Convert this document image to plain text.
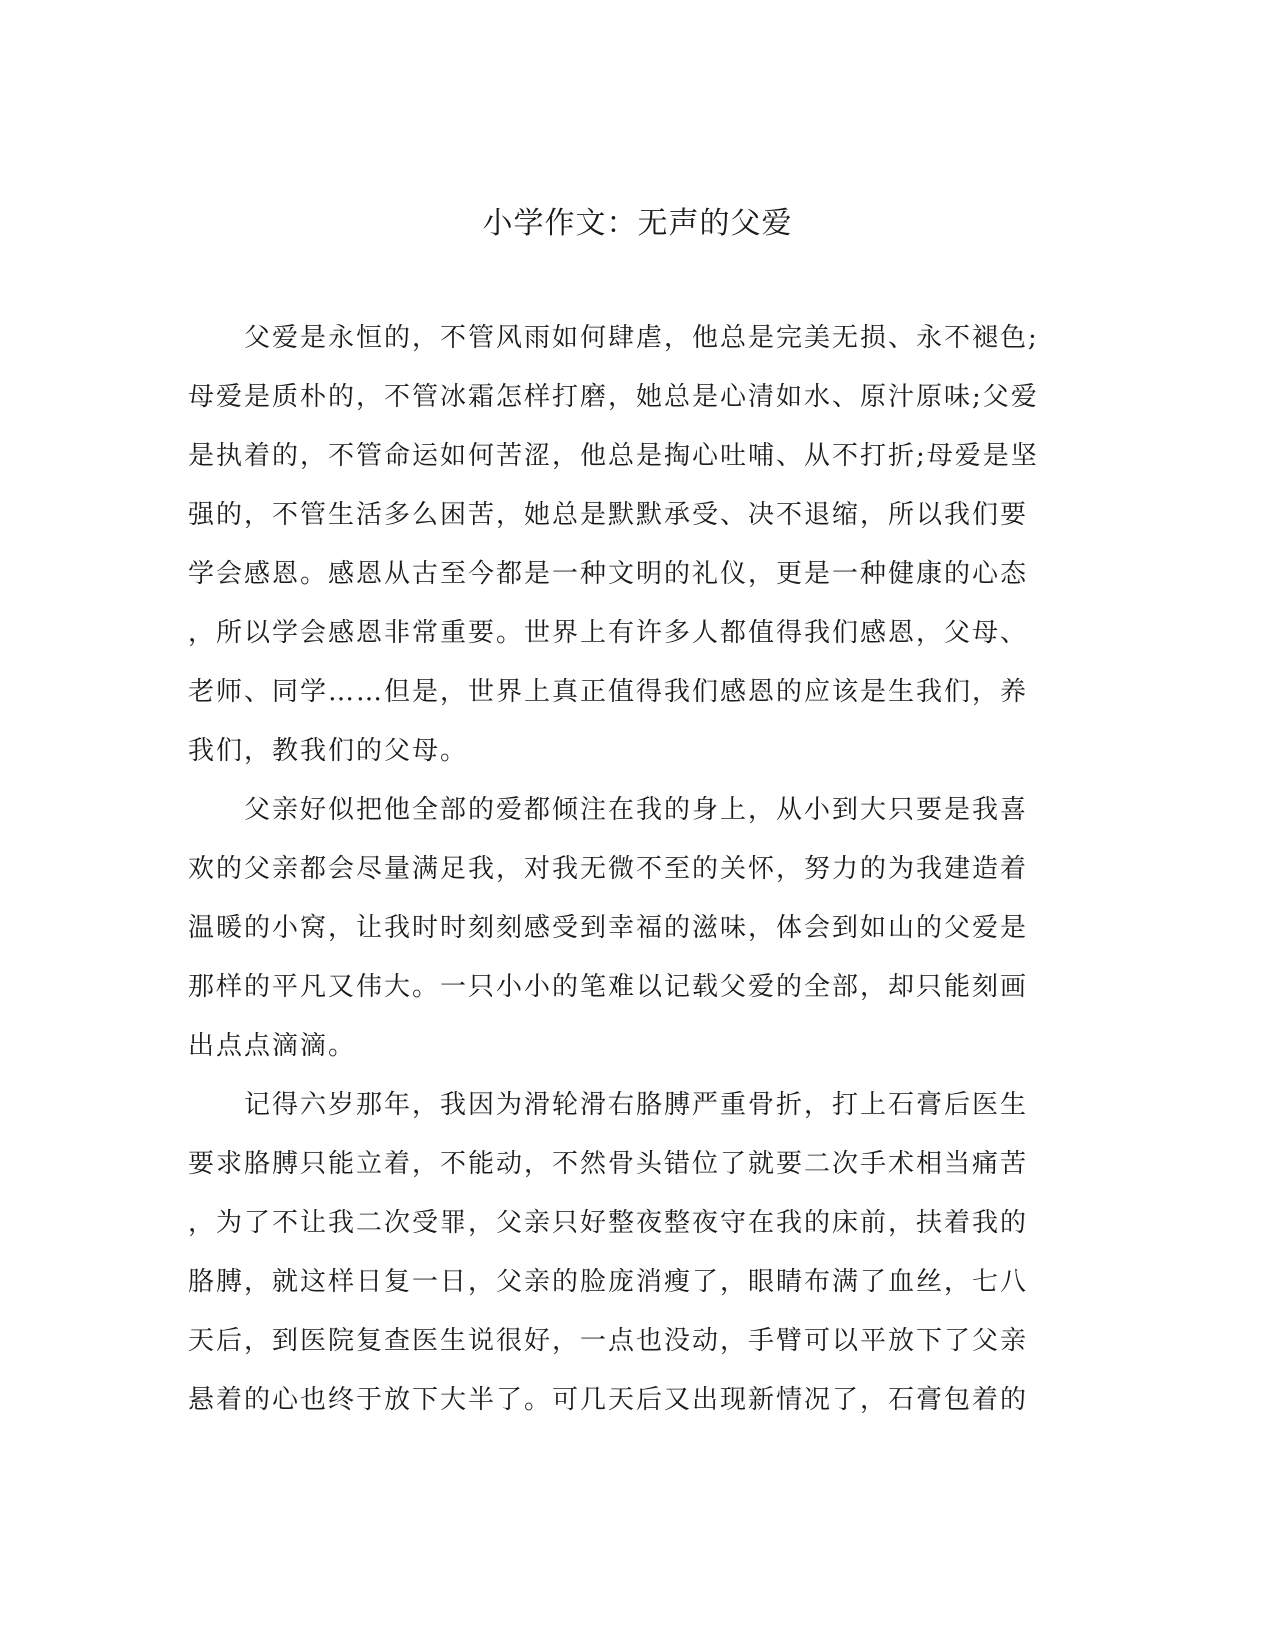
小学作文：无声的父爱
　　父爱是永恒的，不管风雨如何肆虐，他总是完美无损、永不褪色;
母爱是质朴的，不管冰霜怎样打磨，她总是心清如水、原汁原味;父爱
是执着的，不管命运如何苦涩，他总是掏心吐哺、从不打折;母爱是坚
强的，不管生活多么困苦，她总是默默承受、决不退缩，所以我们要
学会感恩。感恩从古至今都是一种文明的礼仪，更是一种健康的心态
，所以学会感恩非常重要。世界上有许多人都值得我们感恩，父母、
老师、同学……但是，世界上真正值得我们感恩的应该是生我们，养
我们，教我们的父母。
　　父亲好似把他全部的爱都倾注在我的身上，从小到大只要是我喜
欢的父亲都会尽量满足我，对我无微不至的关怀，努力的为我建造着
温暖的小窝，让我时时刻刻感受到幸福的滋味，体会到如山的父爱是
那样的平凡又伟大。一只小小的笔难以记载父爱的全部，却只能刻画
出点点滴滴。
　　记得六岁那年，我因为滑轮滑右胳膊严重骨折，打上石膏后医生
要求胳膊只能立着，不能动，不然骨头错位了就要二次手术相当痛苦
，为了不让我二次受罪，父亲只好整夜整夜守在我的床前，扶着我的
胳膊，就这样日复一日，父亲的脸庞消瘦了，眼睛布满了血丝，七八
天后，到医院复查医生说很好，一点也没动，手臂可以平放下了父亲
悬着的心也终于放下大半了。可几天后又出现新情况了，石膏包着的
